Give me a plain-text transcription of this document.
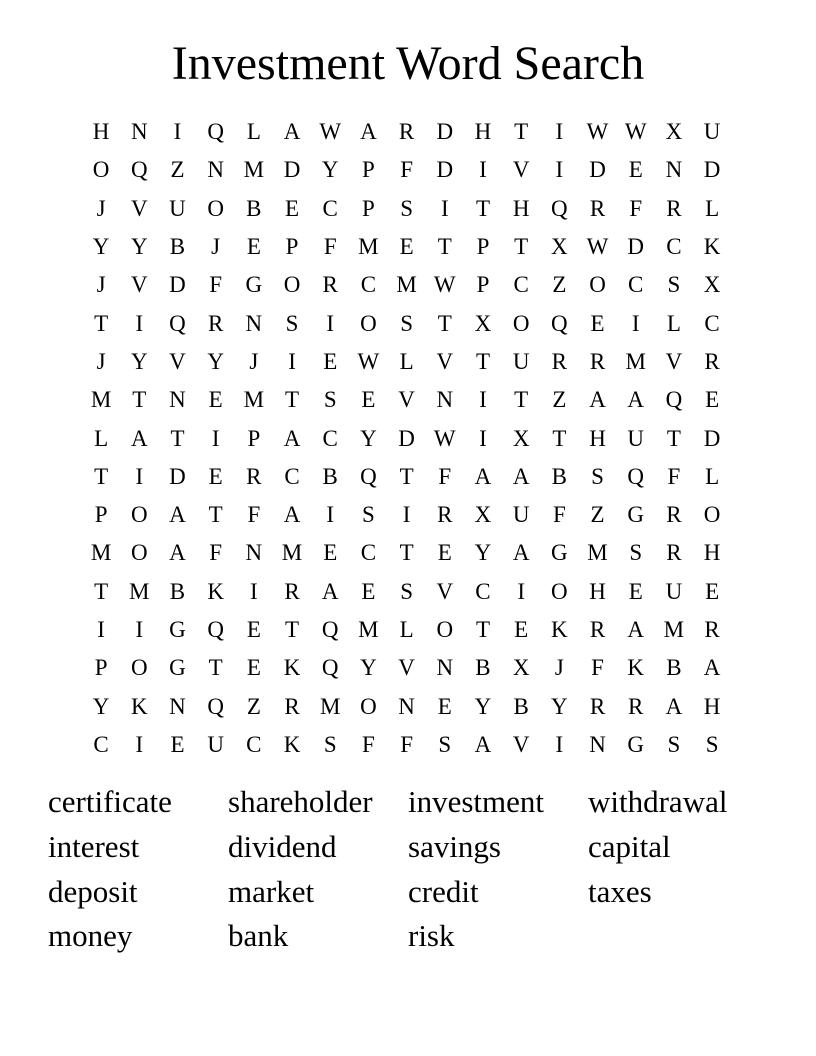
Investment Word Search
H N	I	Q L A W A R D H T	I	W W X U
O Q Z N M D Y	P	F	D	I	V	I	D E N D
J	V U O B	E	C	P	S	I	T H Q R	F	R	L
Y Y B	J	E	P	F M E	T	P	T X W D C K
J	V D	F	G O R C M W P	C	Z O C	S	X
T	I	Q R N	S	I	O	S	T X O Q E	I	L	C
J	Y V Y	J	I	E W L V T U R R M V R
M T N E M T	S	E V N	I	T	Z A A Q E
L A T	I	P	A C Y D W	I	X T H U T D
T	I	D E	R C B Q T	F	A A B	S	Q	F	L
P	O A T	F	A	I	S	I	R X U	F	Z G R O
M O A	F	N M E	C	T	E Y A G M S	R H
T M B K	I	R A E	S	V C	I	O H E U E
I	I	G Q E	T Q M L O T	E K R A M R
P	O G T	E K Q Y V N B X	J	F	K B A
Y K N Q Z	R M O N E Y B Y R R A H
C	I	E U C K	S	F	F	S	A V	I	N G	S	S
certificate	shareholder	investment	withdrawal
interest	dividend	savings	capital
deposit	market	credit	taxes
money	bank	risk
